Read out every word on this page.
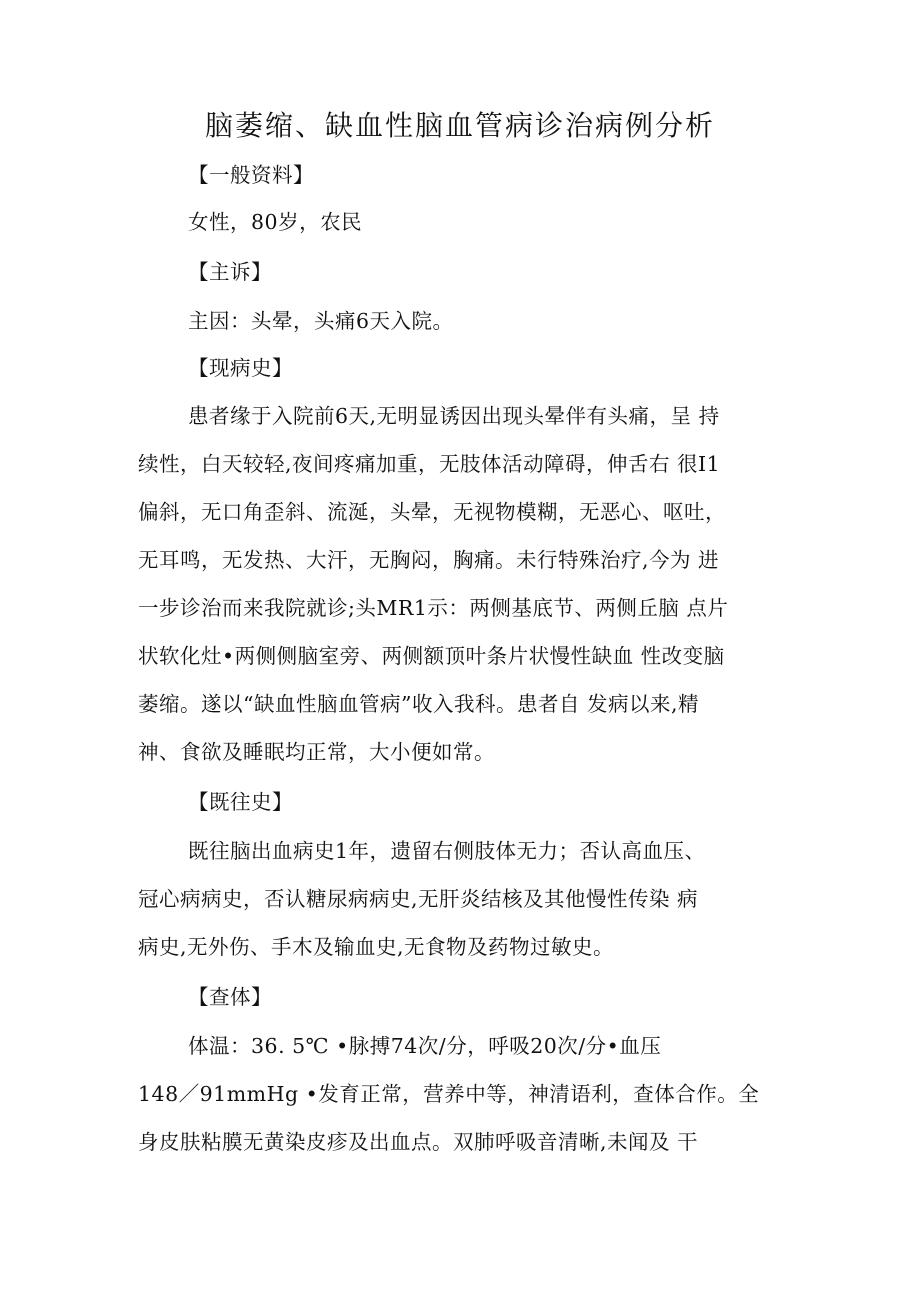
脑萎缩、缺血性脑血管病诊治病例分析
【一般资料】
女性，80岁，农民
【主诉】
主因：头晕，头痛6天入院。
【现病史】
患者缘于入院前6天,无明显诱因出现头晕伴有头痛，呈 持
续性，白天较轻,夜间疼痛加重，无肢体活动障碍，伸舌右 很I1
偏斜，无口角歪斜、流涎，头晕，无视物模糊，无恶心、呕吐，
无耳鸣，无发热、大汗，无胸闷，胸痛。未行特殊治疗,今为 进
一步诊治而来我院就诊;头MR1示：两侧基底节、两侧丘脑 点片
状软化灶•两侧侧脑室旁、两侧额顶叶条片状慢性缺血 性改变脑
萎缩。遂以“缺血性脑血管病”收入我科。患者自 发病以来,精
神、食欲及睡眠均正常，大小便如常。
【既往史】
既往脑出血病史1年，遗留右侧肢体无力；否认高血压、
冠心病病史，否认糖尿病病史,无肝炎结核及其他慢性传染 病
病史,无外伤、手木及输血史,无食物及药物过敏史。
【查体】
体温：36. 5℃ •脉搏74次/分，呼吸20次/分•血压
148／91mmHg •发育正常，营养中等，神清语利，查体合作。全
身皮肤粘膜无黄染皮疹及出血点。双肺呼吸音清晰,未闻及 干
